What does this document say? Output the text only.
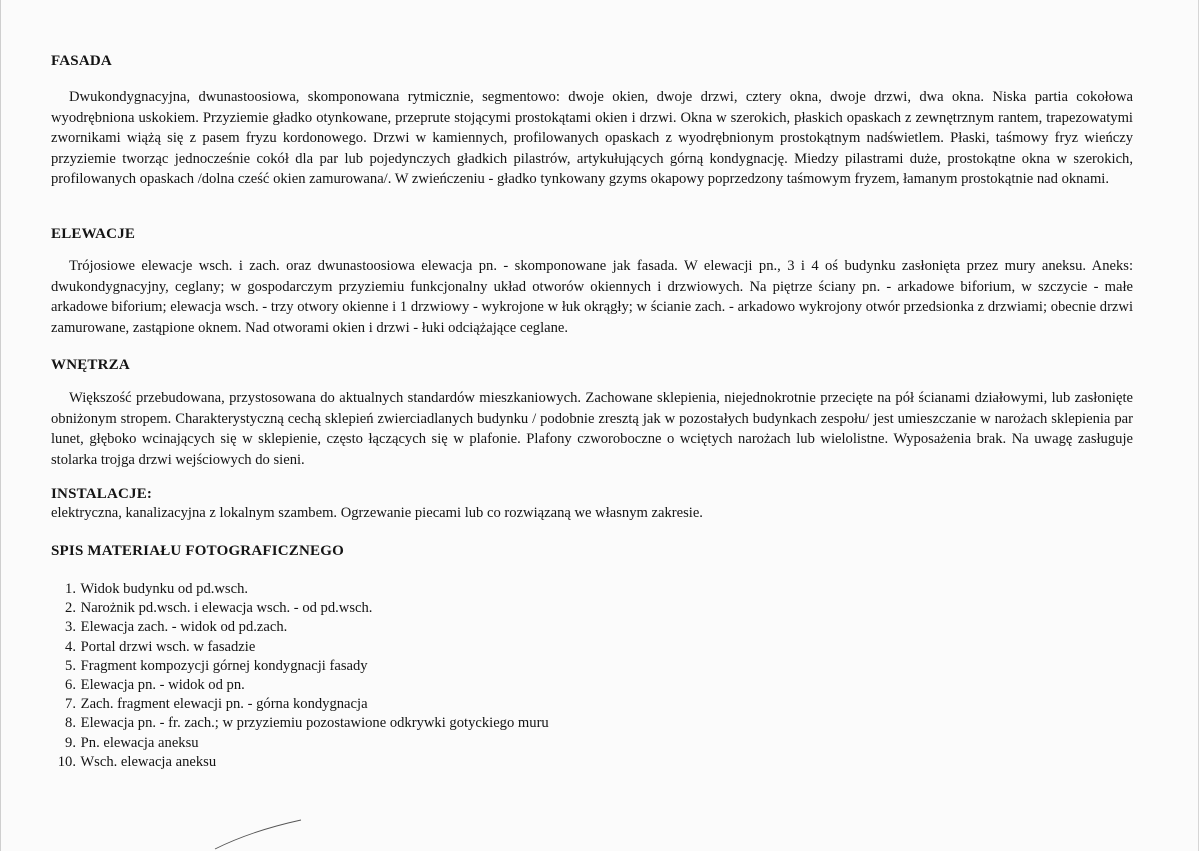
FASADA
Dwukondygnacyjna, dwunastoosiowa, skomponowana rytmicznie, segmentowo: dwoje okien, dwoje drzwi, cztery okna, dwoje drzwi, dwa okna. Niska partia cokołowa wyodrębniona uskokiem. Przyziemie gładko otynkowane, przeprute stojącymi prostokątami okien i drzwi. Okna w szerokich, płaskich opaskach z zewnętrznym rantem, trapezowatymi zwornikami wiążą się z pasem fryzu kordonowego. Drzwi w kamiennych, profilowanych opaskach z wyodrębnionym prostokątnym nadświetlem. Płaski, taśmowy fryz wieńczy przyziemie tworząc jednocześnie cokół dla par lub pojedynczych gładkich pilastrów, artykułujących górną kondygnację. Miedzy pilastrami duże, prostokątne okna w szerokich, profilowanych opaskach /dolna cześć okien zamurowana/. W zwieńczeniu - gładko tynkowany gzyms okapowy poprzedzony taśmowym fryzem, łamanym prostokątnie nad oknami.
ELEWACJE
Trójosiowe elewacje wsch. i zach. oraz dwunastoosiowa elewacja pn. - skomponowane jak fasada. W elewacji pn., 3 i 4 oś budynku zasłonięta przez mury aneksu. Aneks: dwukondygnacyjny, ceglany; w gospodarczym przyziemiu funkcjonalny układ otworów okiennych i drzwiowych. Na piętrze ściany pn. - arkadowe biforium, w szczycie - małe arkadowe biforium; elewacja wsch. - trzy otwory okienne i 1 drzwiowy - wykrojone w łuk okrągły; w ścianie zach. - arkadowo wykrojony otwór przedsionka z drzwiami; obecnie drzwi zamurowane, zastąpione oknem. Nad otworami okien i drzwi - łuki odciążające ceglane.
WNĘTRZA
Większość przebudowana, przystosowana do aktualnych standardów mieszkaniowych. Zachowane sklepienia, niejednokrotnie przecięte na pół ścianami działowymi, lub zasłonięte obniżonym stropem. Charakterystyczną cechą sklepień zwierciadlanych budynku / podobnie zresztą jak w pozostałych budynkach zespołu/ jest umieszczanie w narożach sklepienia par lunet, głęboko wcinających się w sklepienie, często łączących się w plafonie. Plafony czworoboczne o wciętych narożach lub wielolistne. Wyposażenia brak. Na uwagę zasługuje stolarka trojga drzwi wejściowych do sieni.
INSTALACJE:
elektryczna, kanalizacyjna z lokalnym szambem. Ogrzewanie piecami lub co rozwiązaną we własnym zakresie.
SPIS MATERIAŁU FOTOGRAFICZNEGO
1. Widok budynku od pd.wsch.
2. Narożnik pd.wsch. i elewacja wsch. - od pd.wsch.
3. Elewacja zach. - widok od pd.zach.
4. Portal drzwi wsch. w fasadzie
5. Fragment kompozycji górnej kondygnacji fasady
6. Elewacja pn. - widok od pn.
7. Zach. fragment elewacji pn. - górna kondygnacja
8. Elewacja pn. - fr. zach.; w przyziemiu pozostawione odkrywki gotyckiego muru
9. Pn. elewacja aneksu
10. Wsch. elewacja aneksu
